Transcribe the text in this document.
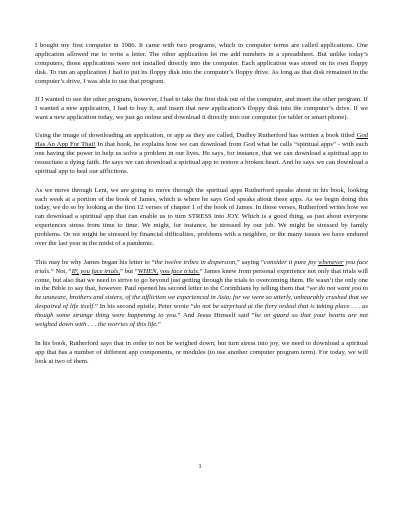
I bought my first computer in 1986. It came with two programs, which in computer terms are called applications. One application allowed me to write a letter. The other application let me add numbers in a spreadsheet. But unlike today’s computers, those applications were not installed directly into the computer. Each application was stored on its own floppy disk. To run an application I had to put its floppy disk into the computer’s floppy drive. As long as that disk remained in the computer’s drive, I was able to use that program.

If I wanted to use the other program, however, I had to take the first disk out of the computer, and insert the other program. If I wanted a new application, I had to buy it, and insert that new application’s floppy disk into the computer’s drive. If we want a new application today, we just go online and download it directly into our computer (or tablet or smart phone).

Using the image of downloading an application, or app as they are called, Dudley Rutherford has written a book titled God Has An App For That! In that book, he explains how we can download from God what he calls “spiritual apps” - with each one having the power to help us solve a problem in our lives. He says, for instance, that we can download a spiritual app to resuscitate a dying faith. He says we can download a spiritual app to restore a broken heart. And he says we can download a spiritual app to heal our afflictions.

As we move through Lent, we are going to move through the spiritual apps Rutherford speaks about in his book, looking each week at a portion of the book of James, which is where he says God speaks about these apps. As we begin doing this today, we do so by looking at the first 12 verses of chapter 1 of the book of James. In those verses, Rutherford writes how we can download a spiritual app that can enable us to turn STRESS into JOY. Which is a good thing, as just about everyone experiences stress from time to time. We might, for instance, be stressed by our job. We might be stressed by family problems. Or we might be stressed by financial difficulties, problems with a neighbor, or the many issues we have endured over the last year in the midst of a pandemic.

This may be why James began his letter to “the twelve tribes in dispersion,” saying “consider it pure joy whenever you face trials.” Not, “IF, you face trials,” but “WHEN, you face trials.” James knew from personal experience not only that trials will come, but also that we need to strive to go beyond just getting through the trials to overcoming them. He wasn’t the only one in the Bible to say that, however. Paul opened his second letter to the Corinthians by telling them that “we do not want you to be unaware, brothers and sisters, of the affliction we experienced in Asia; for we were so utterly, unbearably crushed that we despaired of life itself.” In his second epistle, Peter wrote “do not be surprised at the fiery ordeal that is taking place . . . as though some strange thing were happening to you.” And Jesus Himself said “be on guard so that your hearts are not weighed down with . . . the worries of this life.”

In his book, Rutherford says that in order to not be weighed down, but turn stress into joy, we need to download a spiritual app that has a number of different app components, or modules (to use another computer program term). For today, we will look at two of them.

1
